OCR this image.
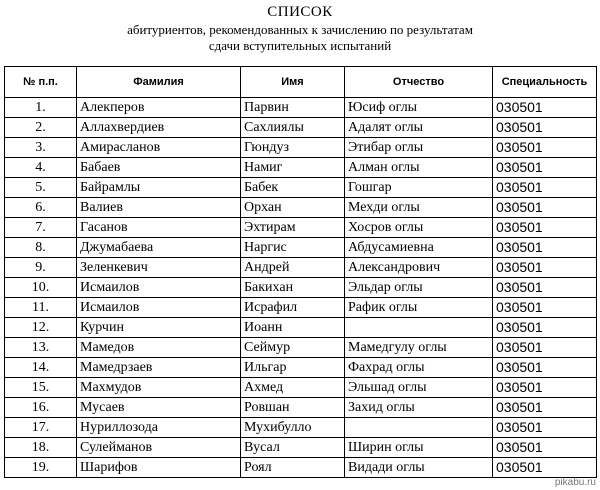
СПИСОК
абитуриентов, рекомендованных к зачислению по результатам
сдачи вступительных испытаний
№ п.п.	Фамилия	Имя	Отчество	Специальность
1.	Алекперов	Парвин	Юсиф оглы	030501
2.	Аллахвердиев	Сахлиялы	Адалят оглы	030501
3.	Амирасланов	Гюндуз	Этибар оглы	030501
4.	Бабаев	Намиг	Алман оглы	030501
5.	Байрамлы	Бабек	Гошгар	030501
6.	Валиев	Орхан	Мехди оглы	030501
7.	Гасанов	Эхтирам	Хосров оглы	030501
8.	Джумабаева	Наргис	Абдусамиевна	030501
9.	Зеленкевич	Андрей	Александрович	030501
10.	Исмаилов	Бакихан	Эльдар оглы	030501
11.	Исмаилов	Исрафил	Рафик оглы	030501
12.	Курчин	Иоанн		030501
13.	Мамедов	Сеймур	Мамедгулу оглы	030501
14.	Мамедрзаев	Ильгар	Фахрад оглы	030501
15.	Махмудов	Ахмед	Эльшад оглы	030501
16.	Мусаев	Ровшан	Захид оглы	030501
17.	Нуриллозода	Мухибулло		030501
18.	Сулейманов	Вусал	Ширин оглы	030501
19.	Шарифов	Роял	Видади оглы	030501
pikabu.ru
